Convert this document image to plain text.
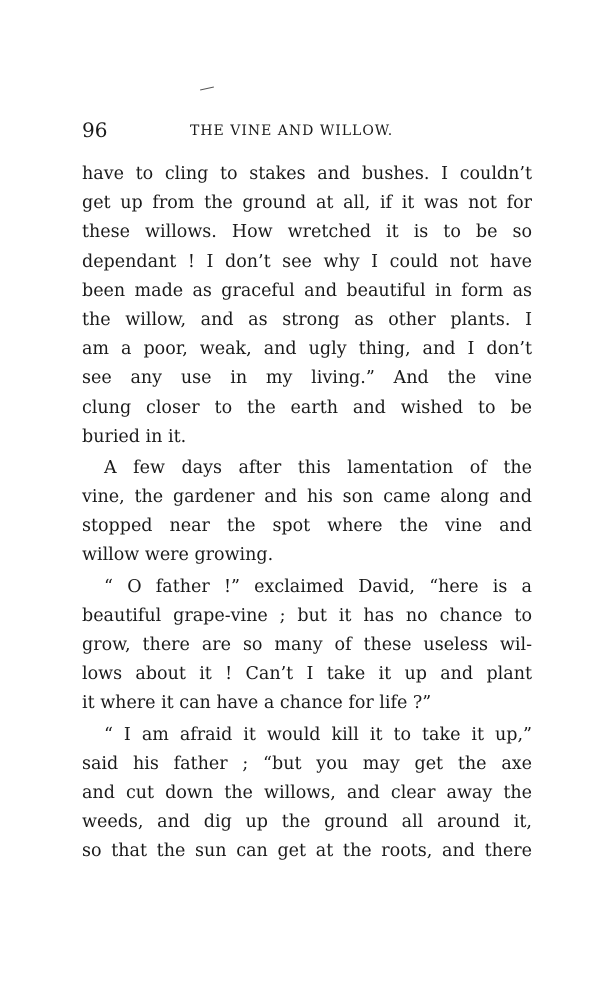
96	THE VINE AND WILLOW.
have to cling to stakes and bushes. I couldn’t
get up from the ground at all, if it was not for
these willows. How wretched it is to be so
dependant ! I don’t see why I could not have
been made as graceful and beautiful in form as
the willow, and as strong as other plants. I
am a poor, weak, and ugly thing, and I don’t
see any use in my living.” And the vine
clung closer to the earth and wished to be
buried in it.
A few days after this lamentation of the
vine, the gardener and his son came along and
stopped near the spot where the vine and
willow were growing.
“ O father !” exclaimed David, “here is a
beautiful grape-vine ; but it has no chance to
grow, there are so many of these useless wil-
lows about it ! Can’t I take it up and plant
it where it can have a chance for life ?”
“ I am afraid it would kill it to take it up,”
said his father ; “but you may get the axe
and cut down the willows, and clear away the
weeds, and dig up the ground all around it,
so that the sun can get at the roots, and there
